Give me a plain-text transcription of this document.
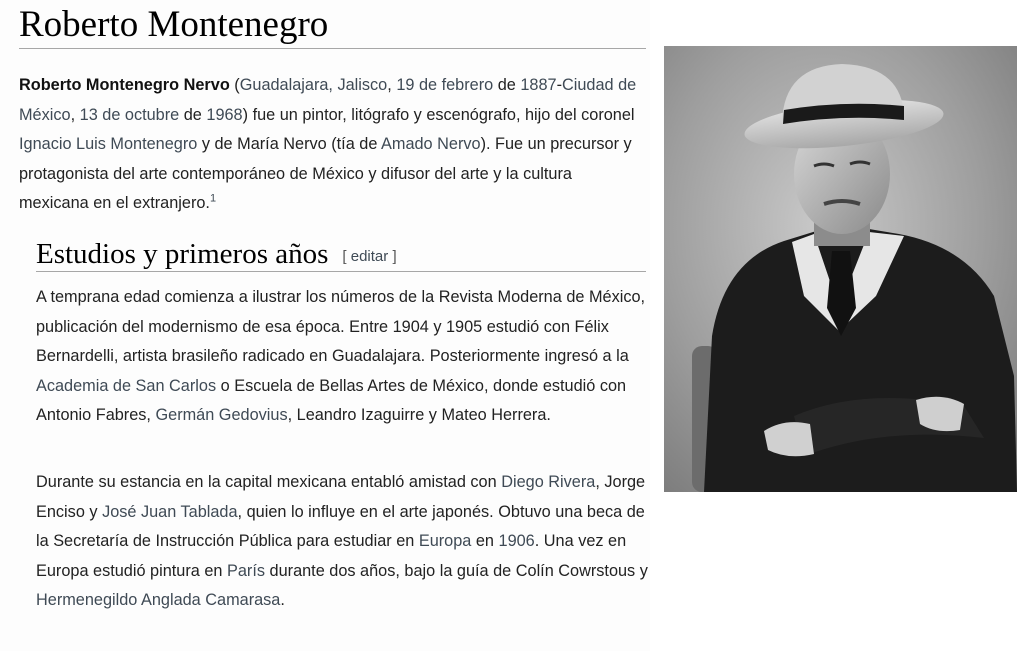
Roberto Montenegro

Roberto Montenegro Nervo (Guadalajara, Jalisco, 19 de febrero de 1887-Ciudad de México, 13 de octubre de 1968) fue un pintor, litógrafo y escenógrafo, hijo del coronel Ignacio Luis Montenegro y de María Nervo (tía de Amado Nervo). Fue un precursor y protagonista del arte contemporáneo de México y difusor del arte y la cultura mexicana en el extranjero.$^1$

Estudios y primeros años [ editar ]

A temprana edad comienza a ilustrar los números de la Revista Moderna de México, publicación del modernismo de esa época. Entre 1904 y 1905 estudió con Félix Bernardelli, artista brasileño radicado en Guadalajara. Posteriormente ingresó a la Academia de San Carlos o Escuela de Bellas Artes de México, donde estudió con Antonio Fabres, Germán Gedovius, Leandro Izaguirre y Mateo Herrera.

Durante su estancia en la capital mexicana entabló amistad con Diego Rivera, Jorge Enciso y José Juan Tablada, quien lo influye en el arte japonés. Obtuvo una beca de la Secretaría de Instrucción Pública para estudiar en Europa en 1906. Una vez en Europa estudió pintura en París durante dos años, bajo la guía de Colín Cowrstous y Hermenegildo Anglada Camarasa.
